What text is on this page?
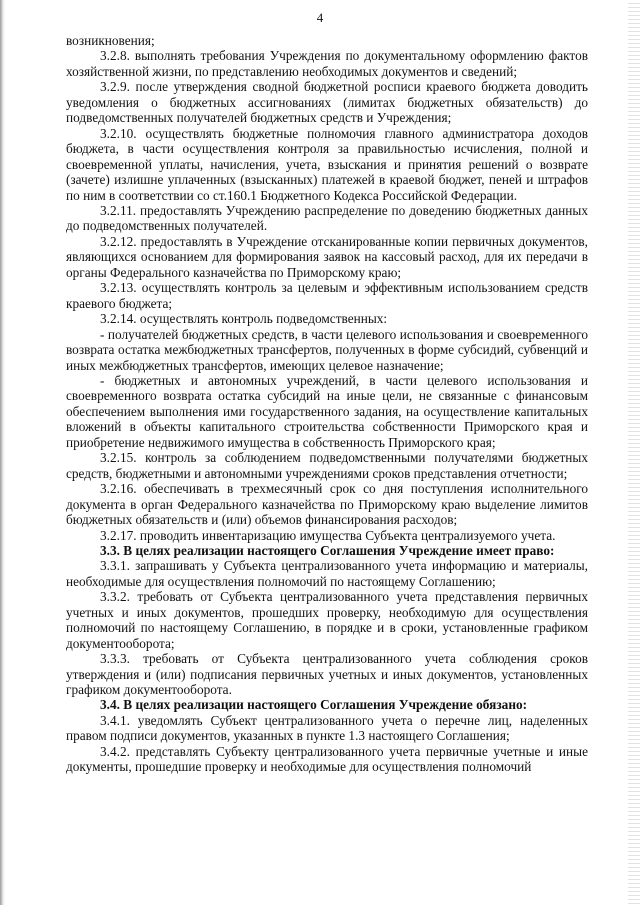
4

возникновения;

3.2.8. выполнять требования Учреждения по документальному оформлению фактов хозяйственной жизни, по представлению необходимых документов и сведений;

3.2.9. после утверждения сводной бюджетной росписи краевого бюджета доводить уведомления о бюджетных ассигнованиях (лимитах бюджетных обязательств) до подведомственных получателей бюджетных средств и Учреждения;

3.2.10. осуществлять бюджетные полномочия главного администратора доходов бюджета, в части осуществления контроля за правильностью исчисления, полной и своевременной уплаты, начисления, учета, взыскания и принятия решений о возврате (зачете) излишне уплаченных (взысканных) платежей в краевой бюджет, пеней и штрафов по ним в соответствии со ст.160.1 Бюджетного Кодекса Российской Федерации.

3.2.11. предоставлять Учреждению распределение по доведению бюджетных данных до подведомственных получателей.

3.2.12. предоставлять в Учреждение отсканированные копии первичных документов, являющихся основанием для формирования заявок на кассовый расход, для их передачи в органы Федерального казначейства по Приморскому краю;

3.2.13. осуществлять контроль за целевым и эффективным использованием средств краевого бюджета;

3.2.14. осуществлять контроль подведомственных:

- получателей бюджетных средств, в части целевого использования и своевременного возврата остатка межбюджетных трансфертов, полученных в форме субсидий, субвенций и иных межбюджетных трансфертов, имеющих целевое назначение;

- бюджетных и автономных учреждений, в части целевого использования и своевременного возврата остатка субсидий на иные цели, не связанные с финансовым обеспечением выполнения ими государственного задания, на осуществление капитальных вложений в объекты капитального строительства собственности Приморского края и приобретение недвижимого имущества в собственность Приморского края;

3.2.15. контроль за соблюдением подведомственными получателями бюджетных средств, бюджетными и автономными учреждениями сроков представления отчетности;

3.2.16. обеспечивать в трехмесячный срок со дня поступления исполнительного документа в орган Федерального казначейства по Приморскому краю выделение лимитов бюджетных обязательств и (или) объемов финансирования расходов;

3.2.17. проводить инвентаризацию имущества Субъекта централизуемого учета.

3.3. В целях реализации настоящего Соглашения Учреждение имеет право:

3.3.1. запрашивать у Субъекта централизованного учета информацию и материалы, необходимые для осуществления полномочий по настоящему Соглашению;

3.3.2. требовать от Субъекта централизованного учета представления первичных учетных и иных документов, прошедших проверку, необходимую для осуществления полномочий по настоящему Соглашению, в порядке и в сроки, установленные графиком документооборота;

3.3.3. требовать от Субъекта централизованного учета соблюдения сроков утверждения и (или) подписания первичных учетных и иных документов, установленных графиком документооборота.

3.4. В целях реализации настоящего Соглашения Учреждение обязано:

3.4.1. уведомлять Субъект централизованного учета о перечне лиц, наделенных правом подписи документов, указанных в пункте 1.3 настоящего Соглашения;

3.4.2. представлять Субъекту централизованного учета первичные учетные и иные документы, прошедшие проверку и необходимые для осуществления полномочий
